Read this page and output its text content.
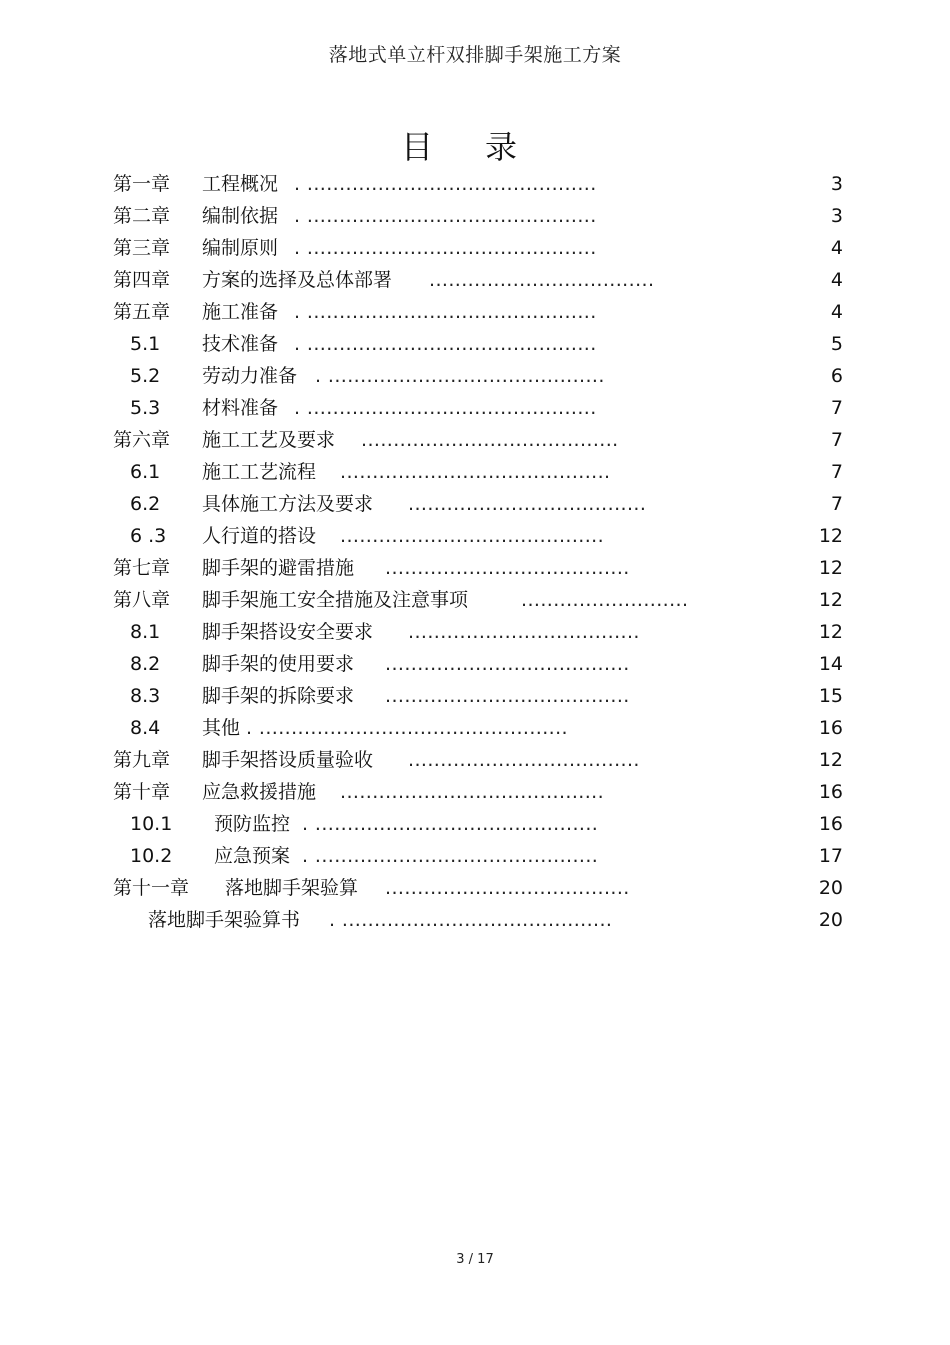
落地式单立杆双排脚手架施工方案
目录
第一章 工程概况 . .............................................	3
第二章 编制依据 . .............................................	3
第三章 编制原则 . .............................................	4
第四章 方案的选择及总体部署 ...................................	4
第五章 施工准备 . .............................................	4
5.1 技术准备 . .............................................	5
5.2 劳动力准备 . ...........................................	6
5.3 材料准备 . .............................................	7
第六章 施工工艺及要求 ........................................	7
6.1 施工工艺流程 ..........................................	7
6.2 具体施工方法及要求 .....................................	7
6 .3 人行道的搭设 .........................................	12
第七章 脚手架的避雷措施 ......................................	12
第八章 脚手架施工安全措施及注意事项	..........................	12
8.1 脚手架搭设安全要求 ....................................	12
8.2 脚手架的使用要求 ......................................	14
8.3 脚手架的拆除要求 ......................................	15
8.4 其他 . ................................................	16
第九章 脚手架搭设质量验收 ....................................	12
第十章 应急救援措施 .........................................	16
10.1 预防监控 . ............................................	16
10.2 应急预案 . ............................................	17
第十一章 落地脚手架验算 ......................................	20
落地脚手架验算书 . ..........................................	20
3 / 17
